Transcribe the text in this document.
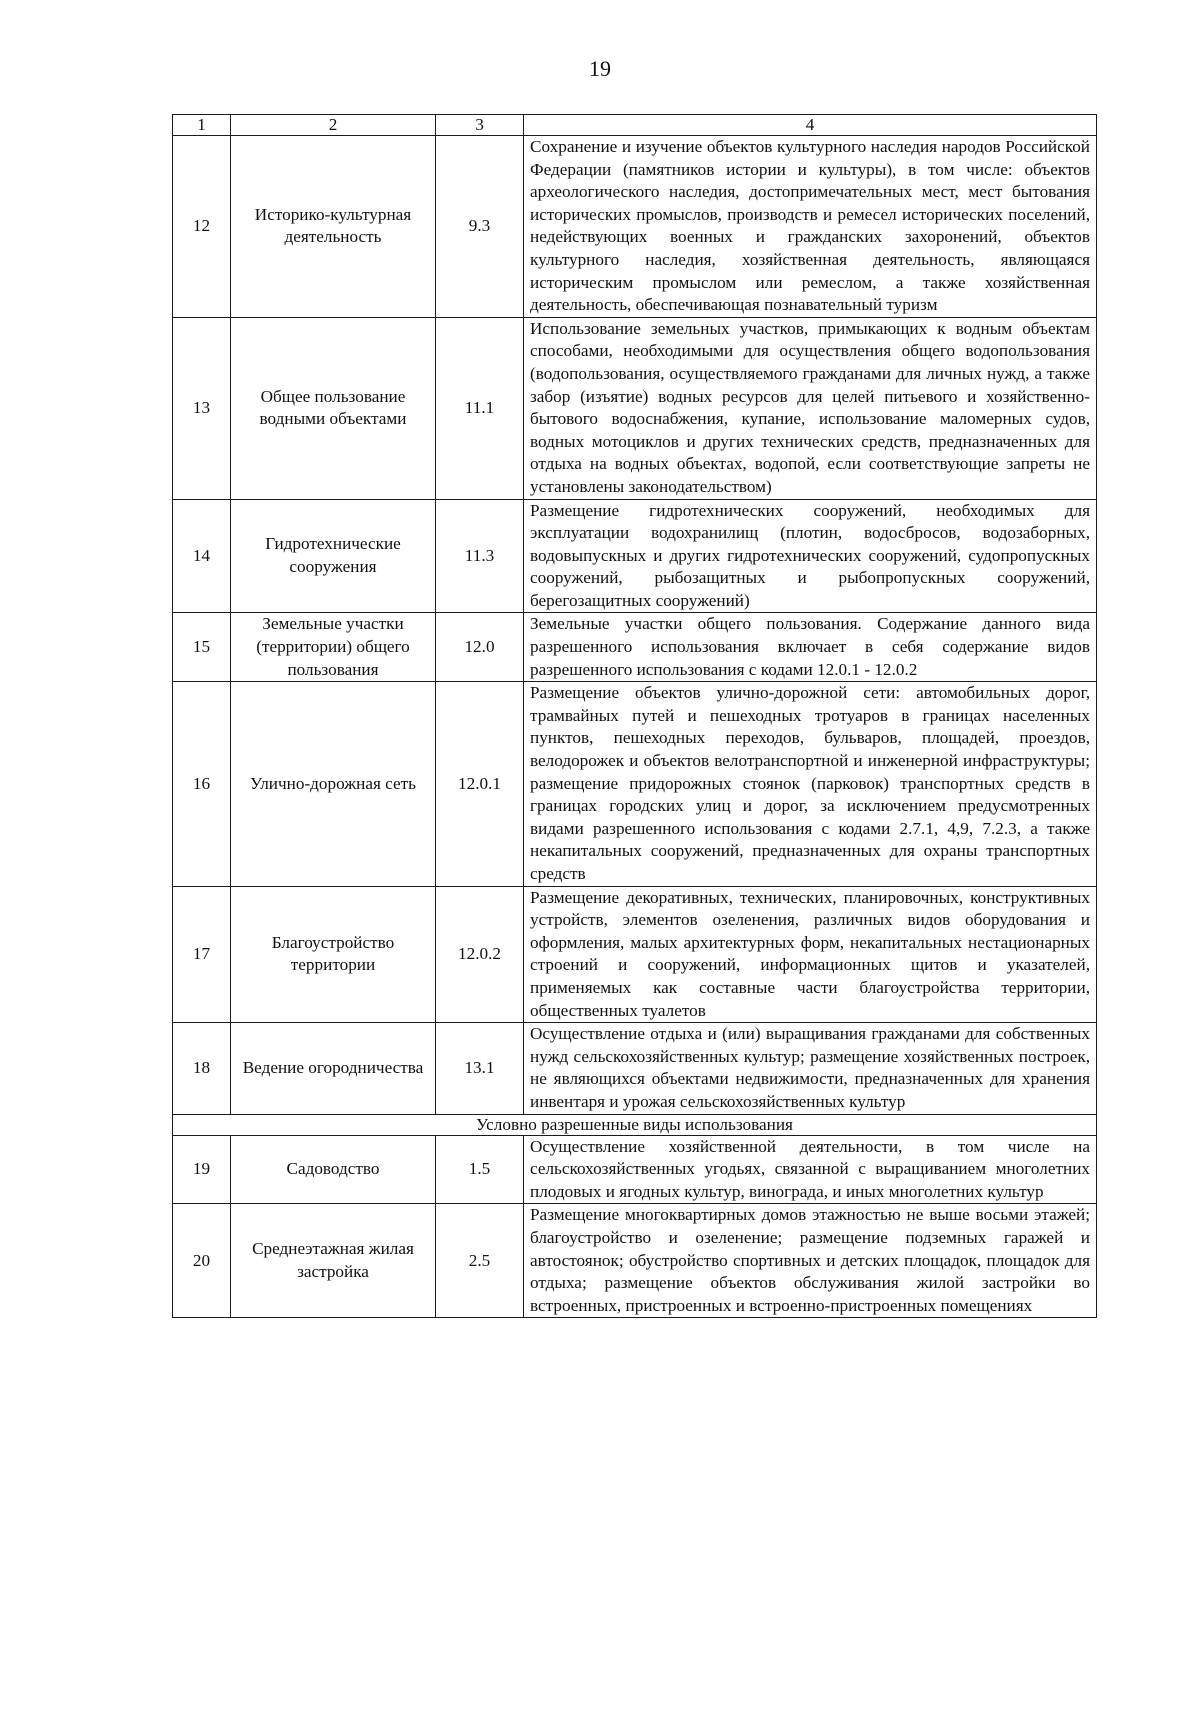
19
1	2	3	4
12	Историко-культурная деятельность	9.3	Сохранение и изучение объектов культурного наследия народов Российской Федерации (памятников истории и культуры), в том числе: объектов археологического наследия, достопримечательных мест, мест бытования исторических промыслов, производств и ремесел исторических поселений, недействующих военных и гражданских захоронений, объектов культурного наследия, хозяйственная деятельность, являющаяся историческим промыслом или ремеслом, а также хозяйственная деятельность, обеспечивающая познавательный туризм
13	Общее пользование водными объектами	11.1	Использование земельных участков, примыкающих к водным объектам способами, необходимыми для осуществления общего водопользования (водопользования, осуществляемого гражданами для личных нужд, а также забор (изъятие) водных ресурсов для целей питьевого и хозяйственно-бытового водоснабжения, купание, использование маломерных судов, водных мотоциклов и других технических средств, предназначенных для отдыха на водных объектах, водопой, если соответствующие запреты не установлены законодательством)
14	Гидротехнические сооружения	11.3	Размещение гидротехнических сооружений, необходимых для эксплуатации водохранилищ (плотин, водосбросов, водозаборных, водовыпускных и других гидротехнических сооружений, судопропускных сооружений, рыбозащитных и рыбопропускных сооружений, берегозащитных сооружений)
15	Земельные участки (территории) общего пользования	12.0	Земельные участки общего пользования. Содержание данного вида разрешенного использования включает в себя содержание видов разрешенного использования с кодами 12.0.1 - 12.0.2
16	Улично-дорожная сеть	12.0.1	Размещение объектов улично-дорожной сети: автомобильных дорог, трамвайных путей и пешеходных тротуаров в границах населенных пунктов, пешеходных переходов, бульваров, площадей, проездов, велодорожек и объектов велотранспортной и инженерной инфраструктуры; размещение придорожных стоянок (парковок) транспортных средств в границах городских улиц и дорог, за исключением предусмотренных видами разрешенного использования с кодами 2.7.1, 4,9, 7.2.3, а также некапитальных сооружений, предназначенных для охраны транспортных средств
17	Благоустройство территории	12.0.2	Размещение декоративных, технических, планировочных, конструктивных устройств, элементов озеленения, различных видов оборудования и оформления, малых архитектурных форм, некапитальных нестационарных строений и сооружений, информационных щитов и указателей, применяемых как составные части благоустройства территории, общественных туалетов
18	Ведение огородничества	13.1	Осуществление отдыха и (или) выращивания гражданами для собственных нужд сельскохозяйственных культур; размещение хозяйственных построек, не являющихся объектами недвижимости, предназначенных для хранения инвентаря и урожая сельскохозяйственных культур
Условно разрешенные виды использования			
19	Садоводство	1.5	Осуществление хозяйственной деятельности, в том числе на сельскохозяйственных угодьях, связанной с выращиванием многолетних плодовых и ягодных культур, винограда, и иных многолетних культур
20	Среднеэтажная жилая застройка	2.5	Размещение многоквартирных домов этажностью не выше восьми этажей; благоустройство и озеленение; размещение подземных гаражей и автостоянок; обустройство спортивных и детских площадок, площадок для отдыха; размещение объектов обслуживания жилой застройки во встроенных, пристроенных и встроенно-пристроенных помещениях
